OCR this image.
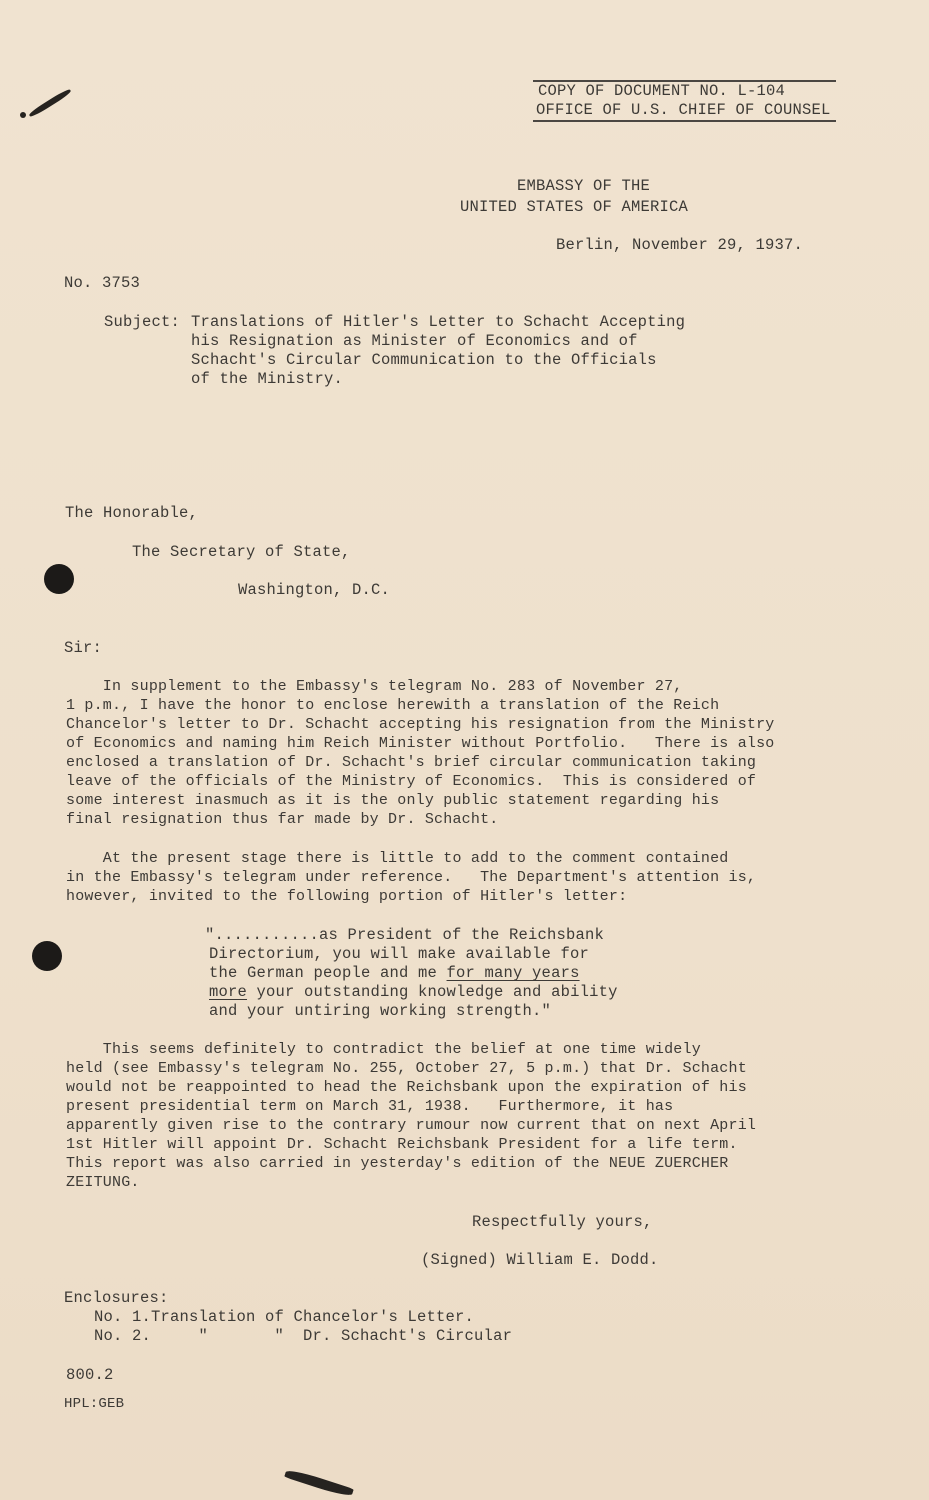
COPY OF DOCUMENT NO. L-104
OFFICE OF U.S. CHIEF OF COUNSEL
EMBASSY OF THE
UNITED STATES OF AMERICA
Berlin, November 29, 1937.
No. 3753
Subject: Translations of Hitler's Letter to Schacht Accepting
his Resignation as Minister of Economics and of
Schacht's Circular Communication to the Officials
of the Ministry.
The Honorable,
The Secretary of State,
Washington, D.C.
Sir:
In supplement to the Embassy's telegram No. 283 of November 27,
1 p.m., I have the honor to enclose herewith a translation of the Reich
Chancelor's letter to Dr. Schacht accepting his resignation from the Ministry
of Economics and naming him Reich Minister without Portfolio.   There is also
enclosed a translation of Dr. Schacht's brief circular communication taking
leave of the officials of the Ministry of Economics.  This is considered of
some interest inasmuch as it is the only public statement regarding his
final resignation thus far made by Dr. Schacht.
At the present stage there is little to add to the comment contained
in the Embassy's telegram under reference.   The Department's attention is,
however, invited to the following portion of Hitler's letter:
"...........as President of the Reichsbank
Directorium, you will make available for
the German people and me for many years
more your outstanding knowledge and ability
and your untiring working strength."
This seems definitely to contradict the belief at one time widely
held (see Embassy's telegram No. 255, October 27, 5 p.m.) that Dr. Schacht
would not be reappointed to head the Reichsbank upon the expiration of his
present presidential term on March 31, 1938.   Furthermore, it has
apparently given rise to the contrary rumour now current that on next April
1st Hitler will appoint Dr. Schacht Reichsbank President for a life term.
This report was also carried in yesterday's edition of the NEUE ZUERCHER
ZEITUNG.
Respectfully yours,
(Signed) William E. Dodd.
Enclosures:
No. 1.Translation of Chancelor's Letter.
No. 2.     "       "  Dr. Schacht's Circular
800.2
HPL:GEB
